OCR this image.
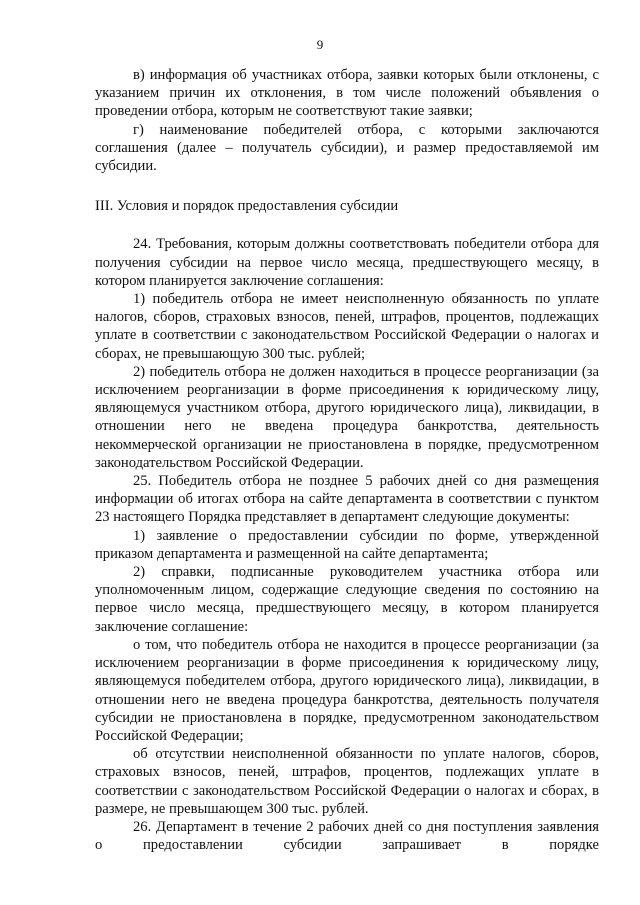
9

в) информация об участниках отбора, заявки которых были отклонены, с указанием причин их отклонения, в том числе положений объявления о проведении отбора, которым не соответствуют такие заявки;

г) наименование победителей отбора, с которыми заключаются соглашения (далее – получатель субсидии), и размер предоставляемой им субсидии.

III. Условия и порядок предоставления субсидии

24. Требования, которым должны соответствовать победители отбора для получения субсидии на первое число месяца, предшествующего месяцу, в котором планируется заключение соглашения:

1) победитель отбора не имеет неисполненную обязанность по уплате налогов, сборов, страховых взносов, пеней, штрафов, процентов, подлежащих уплате в соответствии с законодательством Российской Федерации о налогах и сборах, не превышающую 300 тыс. рублей;

2) победитель отбора не должен находиться в процессе реорганизации (за исключением реорганизации в форме присоединения к юридическому лицу, являющемуся участником отбора, другого юридического лица), ликвидации, в отношении него не введена процедура банкротства, деятельность некоммерческой организации не приостановлена в порядке, предусмотренном законодательством Российской Федерации.

25. Победитель отбора не позднее 5 рабочих дней со дня размещения информации об итогах отбора на сайте департамента в соответствии с пунктом 23 настоящего Порядка представляет в департамент следующие документы:

1) заявление о предоставлении субсидии по форме, утвержденной приказом департамента и размещенной на сайте департамента;

2) справки, подписанные руководителем участника отбора или уполномоченным лицом, содержащие следующие сведения по состоянию на первое число месяца, предшествующего месяцу, в котором планируется заключение соглашение:

о том, что победитель отбора не находится в процессе реорганизации (за исключением реорганизации в форме присоединения к юридическому лицу, являющемуся победителем отбора, другого юридического лица), ликвидации, в отношении него не введена процедура банкротства, деятельность получателя субсидии не приостановлена в порядке, предусмотренном законодательством Российской Федерации;

об отсутствии неисполненной обязанности по уплате налогов, сборов, страховых взносов, пеней, штрафов, процентов, подлежащих уплате в соответствии с законодательством Российской Федерации о налогах и сборах, в размере, не превышающем 300 тыс. рублей.

26. Департамент в течение 2 рабочих дней со дня поступления заявления о предоставлении субсидии запрашивает в порядке
